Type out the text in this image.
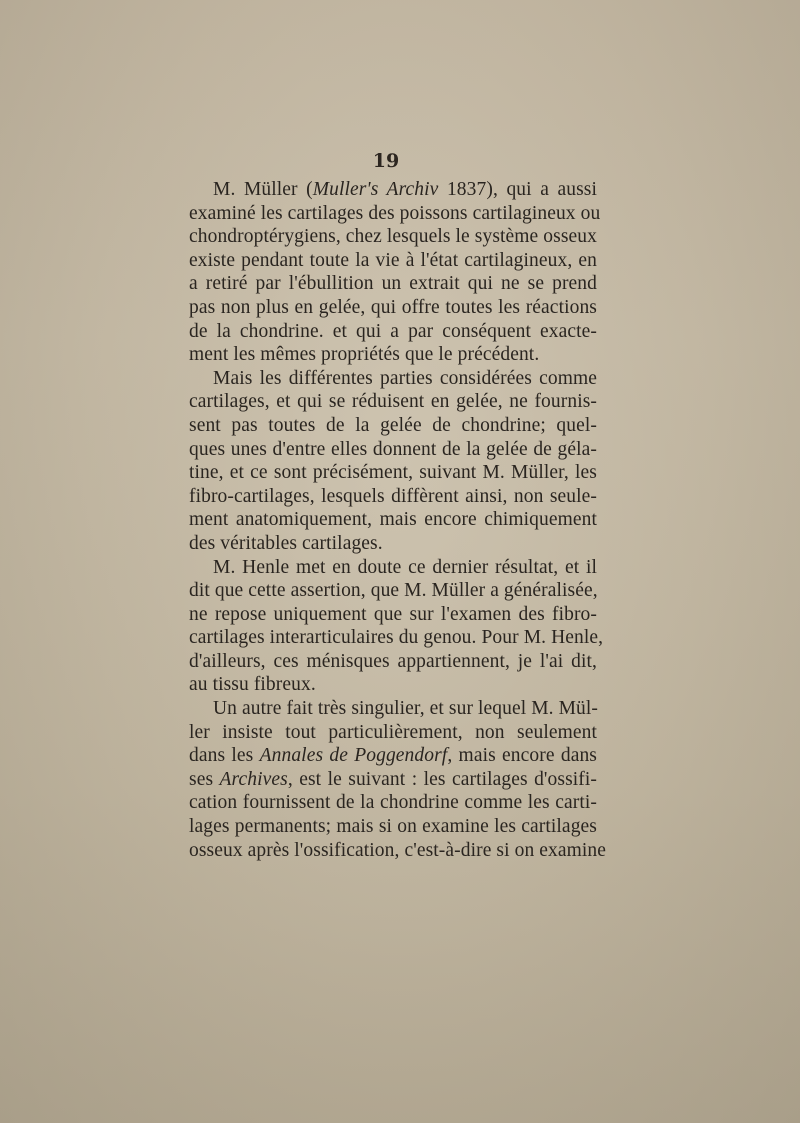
19
M. Müller (Muller's Archiv 1837), qui a aussi
examiné les cartilages des poissons cartilagineux ou
chondroptérygiens, chez lesquels le système osseux
existe pendant toute la vie à l'état cartilagineux, en
a retiré par l'ébullition un extrait qui ne se prend
pas non plus en gelée, qui offre toutes les réactions
de la chondrine. et qui a par conséquent exacte-
ment les mêmes propriétés que le précédent.
Mais les différentes parties considérées comme
cartilages, et qui se réduisent en gelée, ne fournis-
sent pas toutes de la gelée de chondrine; quel-
ques unes d'entre elles donnent de la gelée de géla-
tine, et ce sont précisément, suivant M. Müller, les
fibro-cartilages, lesquels diffèrent ainsi, non seule-
ment anatomiquement, mais encore chimiquement
des véritables cartilages.
M. Henle met en doute ce dernier résultat, et il
dit que cette assertion, que M. Müller a généralisée,
ne repose uniquement que sur l'examen des fibro-
cartilages interarticulaires du genou. Pour M. Henle,
d'ailleurs, ces ménisques appartiennent, je l'ai dit,
au tissu fibreux.
Un autre fait très singulier, et sur lequel M. Mül-
ler insiste tout particulièrement, non seulement
dans les Annales de Poggendorf, mais encore dans
ses Archives, est le suivant : les cartilages d'ossifi-
cation fournissent de la chondrine comme les carti-
lages permanents; mais si on examine les cartilages
osseux après l'ossification, c'est-à-dire si on examine
